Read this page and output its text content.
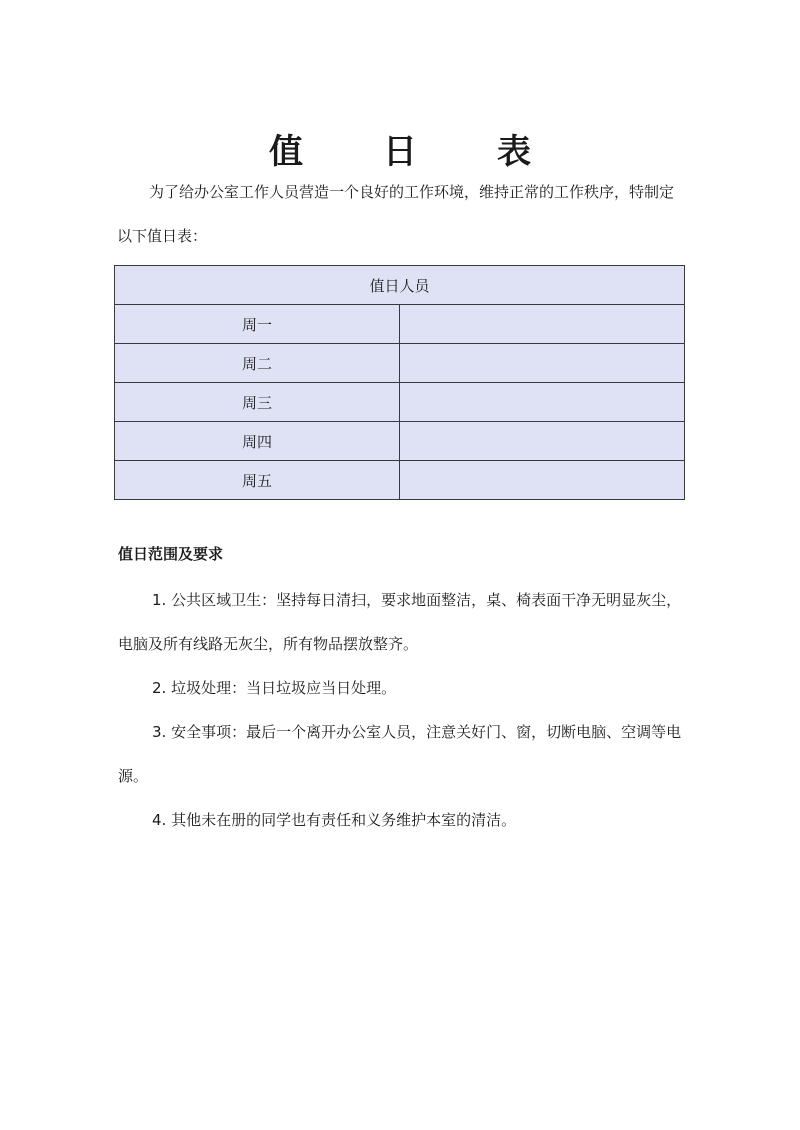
值 日 表

为了给办公室工作人员营造一个良好的工作环境，维持正常的工作秩序，特制定以下值日表：

值日人员	
周一	
周二	
周三	
周四	
周五	
值日范围及要求
1. 公共区域卫生：坚持每日清扫，要求地面整洁，桌、椅表面干净无明显灰尘，电脑及所有线路无灰尘，所有物品摆放整齐。
2. 垃圾处理：当日垃圾应当日处理。
3. 安全事项：最后一个离开办公室人员，注意关好门、窗，切断电脑、空调等电源。
4. 其他未在册的同学也有责任和义务维护本室的清洁。
